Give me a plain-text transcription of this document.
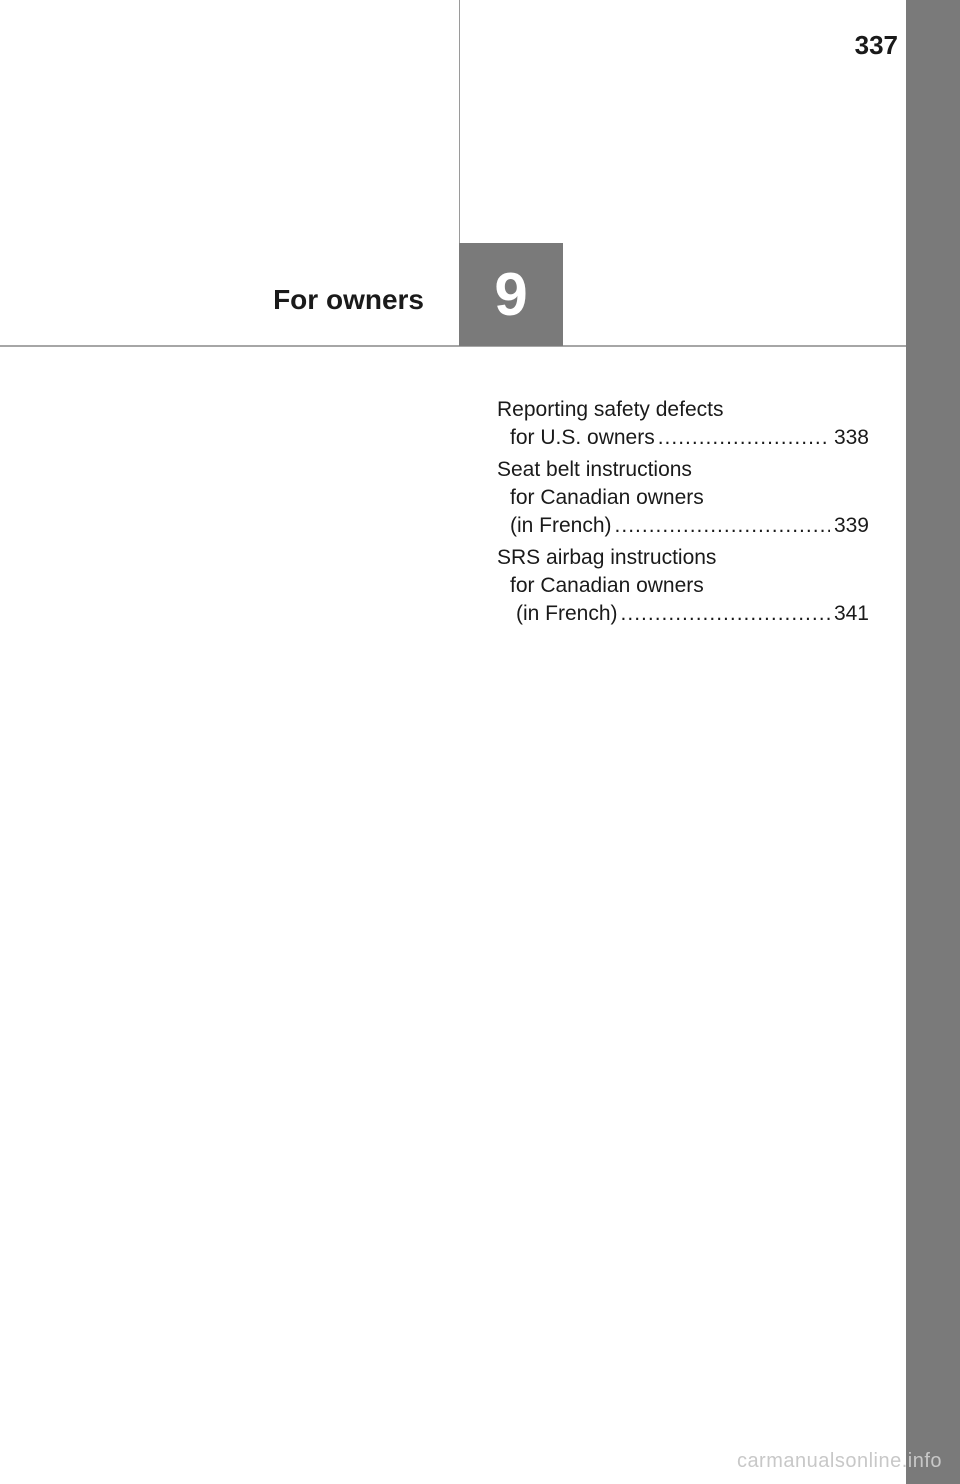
337
For owners 9
Reporting safety defects
for U.S. owners .....	338
Seat belt instructions
for Canadian owners
(in French) .....	339
SRS airbag instructions
for Canadian owners
(in French) .....	341
carmanualsonline.info
